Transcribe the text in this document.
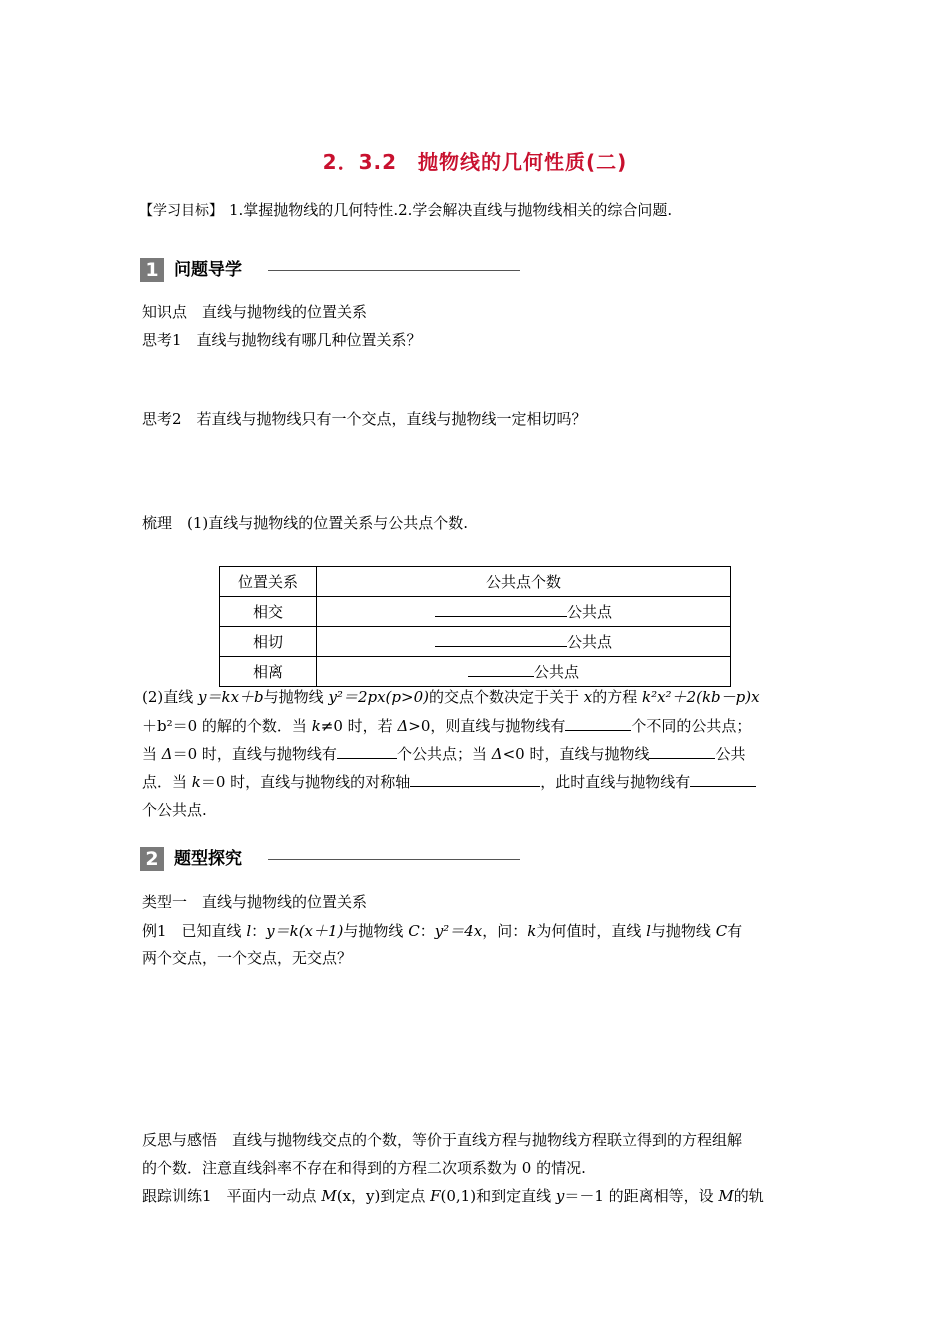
2．3.2　抛物线的几何性质(二)
【学习目标】 1.掌握抛物线的几何特性.2.学会解决直线与抛物线相关的综合问题.
1 问题导学
知识点　直线与抛物线的位置关系
思考1　直线与抛物线有哪几种位置关系？
思考2　若直线与抛物线只有一个交点，直线与抛物线一定相切吗？
梳理　(1)直线与抛物线的位置关系与公共点个数.
位置关系	公共点个数
相交	公共点
相切	公共点
相离	公共点
(2)直线 y＝kx＋b与抛物线 y²＝2px(p>0)的交点个数决定于关于 x的方程 k²x²＋2(kb－p)x
＋b²＝0 的解的个数．当 k≠0 时，若 Δ>0，则直线与抛物线有	个不同的公共点；
当 Δ＝0 时，直线与抛物线有	个公共点；当 Δ<0 时，直线与抛物线	公共
点．当 k＝0 时，直线与抛物线的对称轴	，此时直线与抛物线有
个公共点.
2 题型探究
类型一　直线与抛物线的位置关系
例1　已知直线 l：y＝k(x＋1)与抛物线 C：y²＝4x，问：k为何值时，直线 l与抛物线 C有
两个交点，一个交点，无交点？
反思与感悟　直线与抛物线交点的个数，等价于直线方程与抛物线方程联立得到的方程组解
的个数．注意直线斜率不存在和得到的方程二次项系数为 0 的情况.
跟踪训练1　平面内一动点 M(x，y)到定点 F(0,1)和到定直线 y＝－1 的距离相等，设 M的轨
